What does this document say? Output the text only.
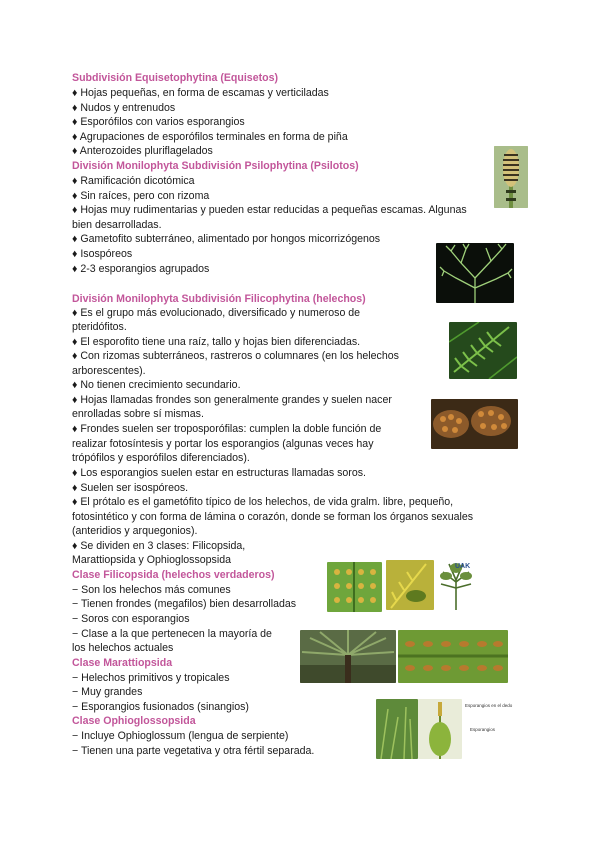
Subdivisión Equisetophytina (Equisetos)
♦ Hojas pequeñas, en forma de escamas y verticiladas
♦ Nudos y entrenudos
♦ Esporófilos con varios esporangios
♦ Agrupaciones de esporófilos terminales en forma de piña
♦ Anterozoides pluriflagelados
División Monilophyta Subdivisión Psilophytina (Psilotos)
♦ Ramificación dicotómica
♦ Sin raíces, pero con rizoma
♦ Hojas muy rudimentarias y pueden estar reducidas a pequeñas escamas. Algunas
bien desarrolladas.
♦ Gametofito subterráneo, alimentado por hongos micorrizógenos
♦ Isospóreos
♦ 2-3 esporangios agrupados
División Monilophyta Subdivisión Filicophytina (helechos)
♦ Es el grupo más evolucionado, diversificado y numeroso de
pteridófitos.
♦ El esporofito tiene una raíz, tallo y hojas bien diferenciadas.
♦ Con rizomas subterráneos, rastreros o columnares (en los helechos
arborescentes).
♦ No tienen crecimiento secundario.
♦ Hojas llamadas frondes son generalmente grandes y suelen nacer
enrolladas sobre sí mismas.
♦ Frondes suelen ser troposporófilas: cumplen la doble función de
realizar fotosíntesis y portar los esporangios (algunas veces hay
trópófilos y esporófilos diferenciados).
♦ Los esporangios suelen estar en estructuras llamadas soros.
♦ Suelen ser isospóreos.
♦ El prótalo es el gametófito típico de los helechos, de vida gralm. libre, pequeño,
fotosintético y con forma de lámina o corazón, donde se forman los órganos sexuales
(anteridios y arquegonios).
♦ Se dividen en 3 clases: Filicopsida,
Marattiopsida y Ophioglossopsida
Clase Filicopsida (helechos verdaderos)
− Son los helechos más comunes
− Tienen frondes (megafilos) bien desarrolladas
− Soros con esporangios
− Clase a la que pertenecen la mayoría de
los helechos actuales
Clase Marattiopsida
− Helechos primitivos y tropicales
− Muy grandes
− Esporangios fusionados (sinangios)
Clase Ophioglossopsida
− Incluye Ophioglossum (lengua de serpiente)
− Tienen una parte vegetativa y otra fértil separada.
UAK
Esporangios en el dedo
Esporangios
